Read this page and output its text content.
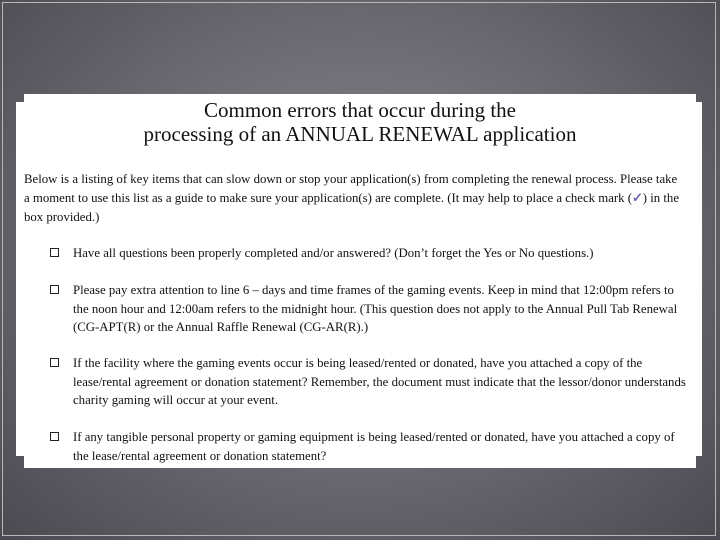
Common errors that occur during the
processing of an ANNUAL RENEWAL application
Below is a listing of key items that can slow down or stop your application(s) from completing the renewal process. Please take a moment to use this list as a guide to make sure your application(s) are complete. (It may help to place a check mark (✓) in the box provided.)
Have all questions been properly completed and/or answered? (Don’t forget the Yes or No questions.)
Please pay extra attention to line 6 – days and time frames of the gaming events. Keep in mind that 12:00pm refers to the noon hour and 12:00am refers to the midnight hour. (This question does not apply to the Annual Pull Tab Renewal (CG-APT(R) or the Annual Raffle Renewal (CG-AR(R).)
If the facility where the gaming events occur is being leased/rented or donated, have you attached a copy of the lease/rental agreement or donation statement? Remember, the document must indicate that the lessor/donor understands charity gaming will occur at your event.
If any tangible personal property or gaming equipment is being leased/rented or donated, have you attached a copy of the lease/rental agreement or donation statement?
